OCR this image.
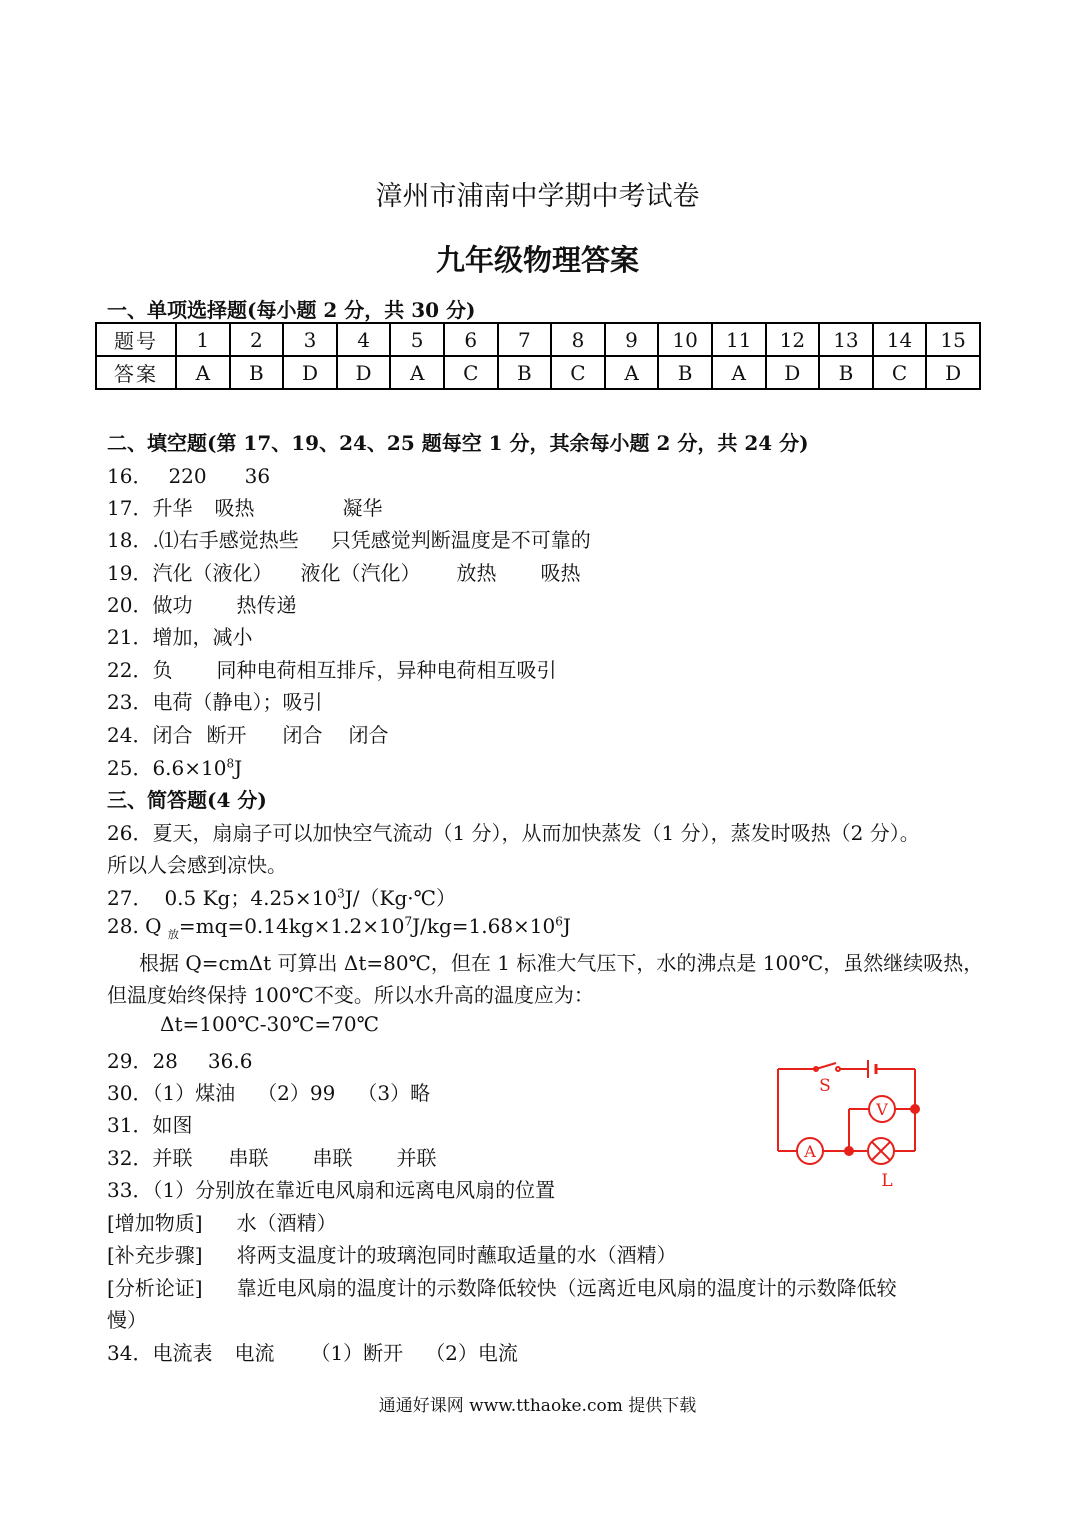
漳州市浦南中学期中考试卷
九年级物理答案
一、单项选择题(每小题 2 分，共 30 分)
题号	1	2	3	4	5	6	7	8	9	10	11	12	13	14	15
答案	A	B	D	D	A	C	B	C	A	B	A	D	B	C	D
二、填空题(第 17、19、24、25 题每空 1 分，其余每小题 2 分，共 24 分)
16． 220 36
17．升华 吸热	凝华
18．.⑴右手感觉热些 只凭感觉判断温度是不可靠的
19．汽化（液化） 液化（汽化） 放热 吸热
20．做功 热传递
21．增加，减小
22．负 同种电荷相互排斥，异种电荷相互吸引
23．电荷（静电）；吸引
24．闭合 断开 闭合 闭合
25．$6.6\times 10^8J$
三、简答题(4 分)
26．夏天，扇扇子可以加快空气流动（1 分），从而加快蒸发（1 分），蒸发时吸热（2 分）。
所以人会感到凉快。
27． 0.5 Kg；$4.25\times 10^3J/(Kg\cdot℃)$
28. Q $_放=mq=0.14kg\times 1.2\times 10^7J/kg=1.68\times 10^6J$
根据 Q=cmΔt 可算出 Δt=80℃，但在 1 标准大气压下，水的沸点是 100℃，虽然继续吸热，
但温度始终保持 100℃不变。所以水升高的温度应为：
Δt=100℃-30℃=70℃
29．28 36.6
30．（1）煤油 （2）99 （3）略
31．如图
32．并联 串联 串联 并联
33．（1）分别放在靠近电风扇和远离电风扇的位置
[增加物质] 水（酒精）
[补充步骤] 将两支温度计的玻璃泡同时蘸取适量的水（酒精）
[分析论证] 靠近电风扇的温度计的示数降低较快（远离近电风扇的温度计的示数降低较
慢）
34．电流表 电流 （1）断开 （2）电流
S
V
A
L
通通好课网 www.tthaoke.com 提供下载
